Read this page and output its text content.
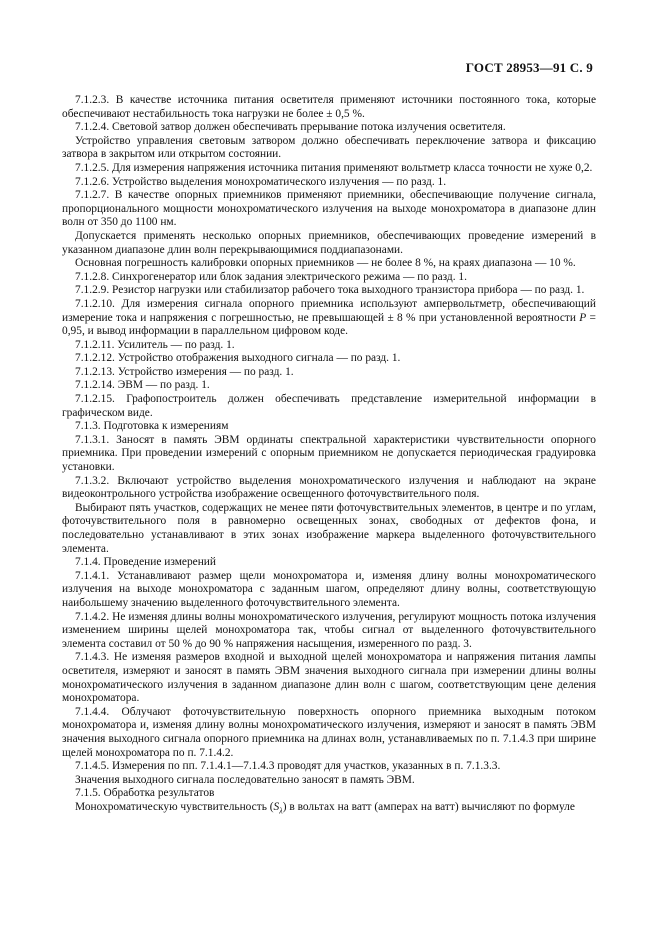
ГОСТ 28953—91 С. 9

7.1.2.3. В качестве источника питания осветителя применяют источники постоянного тока, которые обеспечивают нестабильность тока нагрузки не более ± 0,5 %.

7.1.2.4. Световой затвор должен обеспечивать прерывание потока излучения осветителя.

Устройство управления световым затвором должно обеспечивать переключение затвора и фиксацию затвора в закрытом или открытом состоянии.

7.1.2.5. Для измерения напряжения источника питания применяют вольтметр класса точности не хуже 0,2.

7.1.2.6. Устройство выделения монохроматического излучения — по разд. 1.

7.1.2.7. В качестве опорных приемников применяют приемники, обеспечивающие получение сигнала, пропорционального мощности монохроматического излучения на выходе монохроматора в диапазоне длин волн от 350 до 1100 нм.

Допускается применять несколько опорных приемников, обеспечивающих проведение измерений в указанном диапазоне длин волн перекрывающимися поддиапазонами.

Основная погрешность калибровки опорных приемников — не более 8 %, на краях диапазона — 10 %.

7.1.2.8. Синхрогенератор или блок задания электрического режима — по разд. 1.

7.1.2.9. Резистор нагрузки или стабилизатор рабочего тока выходного транзистора прибора — по разд. 1.

7.1.2.10. Для измерения сигнала опорного приемника используют ампервольтметр, обеспечивающий измерение тока и напряжения с погрешностью, не превышающей ± 8 % при установленной вероятности P = 0,95, и вывод информации в параллельном цифровом коде.

7.1.2.11. Усилитель — по разд. 1.

7.1.2.12. Устройство отображения выходного сигнала — по разд. 1.

7.1.2.13. Устройство измерения — по разд. 1.

7.1.2.14. ЭВМ — по разд. 1.

7.1.2.15. Графопостроитель должен обеспечивать представление измерительной информации в графическом виде.

7.1.3. Подготовка к измерениям

7.1.3.1. Заносят в память ЭВМ ординаты спектральной характеристики чувствительности опорного приемника. При проведении измерений с опорным приемником не допускается периодическая градуировка установки.

7.1.3.2. Включают устройство выделения монохроматического излучения и наблюдают на экране видеоконтрольного устройства изображение освещенного фоточувствительного поля.

Выбирают пять участков, содержащих не менее пяти фоточувствительных элементов, в центре и по углам, фоточувствительного поля в равномерно освещенных зонах, свободных от дефектов фона, и последовательно устанавливают в этих зонах изображение маркера выделенного фоточувствительного элемента.

7.1.4. Проведение измерений

7.1.4.1. Устанавливают размер щели монохроматора и, изменяя длину волны монохроматического излучения на выходе монохроматора с заданным шагом, определяют длину волны, соответствующую наибольшему значению выделенного фоточувствительного элемента.

7.1.4.2. Не изменяя длины волны монохроматического излучения, регулируют мощность потока излучения изменением ширины щелей монохроматора так, чтобы сигнал от выделенного фоточувствительного элемента составил от 50 % до 90 % напряжения насыщения, измеренного по разд. 3.

7.1.4.3. Не изменяя размеров входной и выходной щелей монохроматора и напряжения питания лампы осветителя, измеряют и заносят в память ЭВМ значения выходного сигнала при измерении длины волны монохроматического излучения в заданном диапазоне длин волн с шагом, соответствующим цене деления монохроматора.

7.1.4.4. Облучают фоточувствительную поверхность опорного приемника выходным потоком монохроматора и, изменяя длину волны монохроматического излучения, измеряют и заносят в память ЭВМ значения выходного сигнала опорного приемника на длинах волн, устанавливаемых по п. 7.1.4.3 при ширине щелей монохроматора по п. 7.1.4.2.

7.1.4.5. Измерения по пп. 7.1.4.1—7.1.4.3 проводят для участков, указанных в п. 7.1.3.3.

Значения выходного сигнала последовательно заносят в память ЭВМ.

7.1.5. Обработка результатов

Монохроматическую чувствительность $(S_\lambda)$ в вольтах на ватт (амперах на ватт) вычисляют по формуле
